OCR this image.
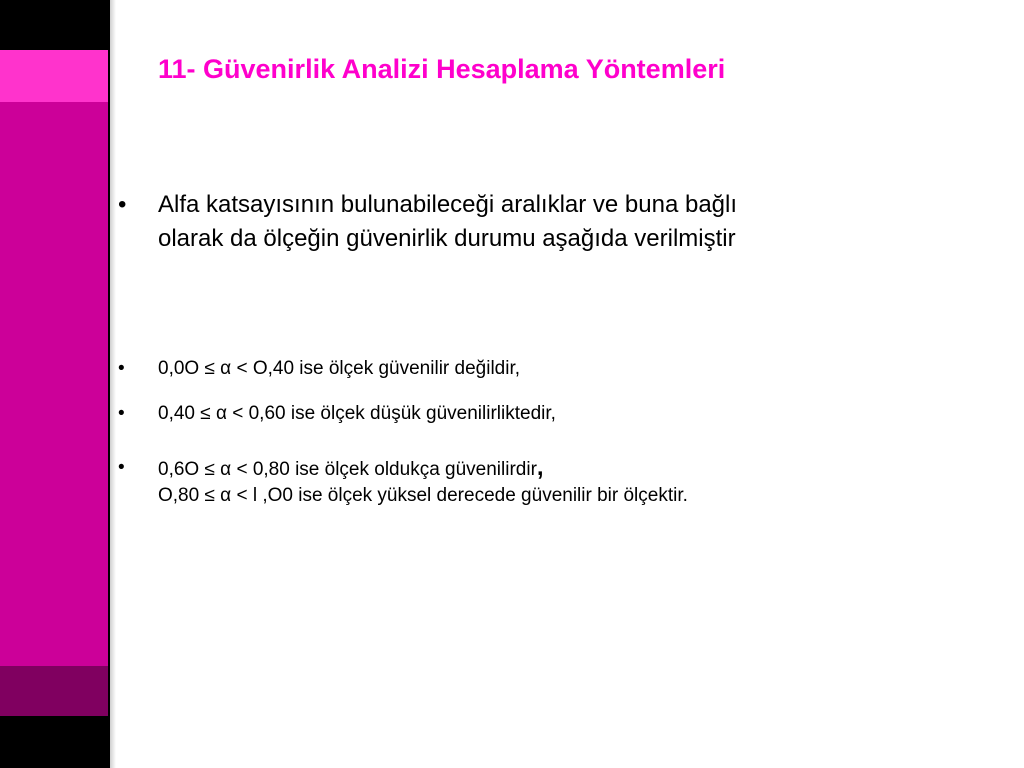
11- Güvenirlik Analizi Hesaplama Yöntemleri
• Alfa katsayısının bulunabileceği aralıklar ve buna bağlı
olarak da ölçeğin güvenirlik durumu aşağıda verilmiştir
• 0,0O ≤ α < O,40 ise ölçek güvenilir değildir,
• 0,40 ≤ α < 0,60 ise ölçek düşük güvenilirliktedir,
• 0,6O ≤ α < 0,80 ise ölçek oldukça güvenilirdir,
O,80 ≤ α < l ,O0 ise ölçek yüksel derecede güvenilir bir ölçektir.
